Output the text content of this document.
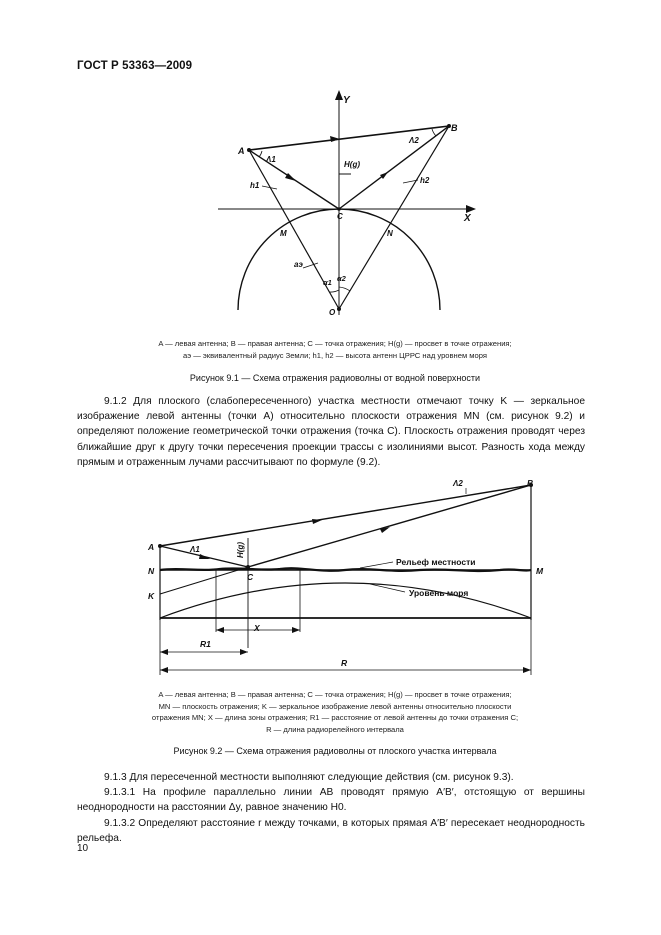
ГОСТ Р 53363—2009
Y
X
A
B
C
M	N
O
Λ1
Λ2
H(g)
h1
h2
aэ
α1 α2
A — левая антенна; B — правая антенна; C — точка отражения; H(g) — просвет в точке отражения;
aэ — эквивалентный радиус Земли; h1, h2 — высота антенн ЦРРС над уровнем моря
Рисунок 9.1 — Схема отражения радиоволны от водной поверхности

9.1.2 Для плоского (слабопересеченного) участка местности отмечают точку K — зеркальное изображение левой антенны (точки A) относительно плоскости отражения MN (см. рисунок 9.2) и определяют положение геометрической точки отражения (точка C). Плоскость отражения проводят через ближайшие друг к другу точки пересечения проекции трассы с изолиниями высот. Разность хода между прямым и отраженным лучами рассчитывают по формуле (9.2).

A
B
C
N	M
K
Λ1
Λ2
H(g)
Рельеф местности
Уровень моря
X
R1
R
A — левая антенна; B — правая антенна; C — точка отражения; H(g) — просвет в точке отражения;
MN — плоскость отражения; K — зеркальное изображение левой антенны относительно плоскости
отражения MN; X — длина зоны отражения; R1 — расстояние от левой антенны до точки отражения C;
R — длина радиорелейного интервала
Рисунок 9.2 — Схема отражения радиоволны от плоского участка интервала

9.1.3 Для пересеченной местности выполняют следующие действия (см. рисунок 9.3).

9.1.3.1 На профиле параллельно линии AB проводят прямую A′B′, отстоящую от вершины неоднородности на расстоянии Δy, равное значению H0.

9.1.3.2 Определяют расстояние r между точками, в которых прямая A′B′ пересекает неоднородность рельефа.

10
